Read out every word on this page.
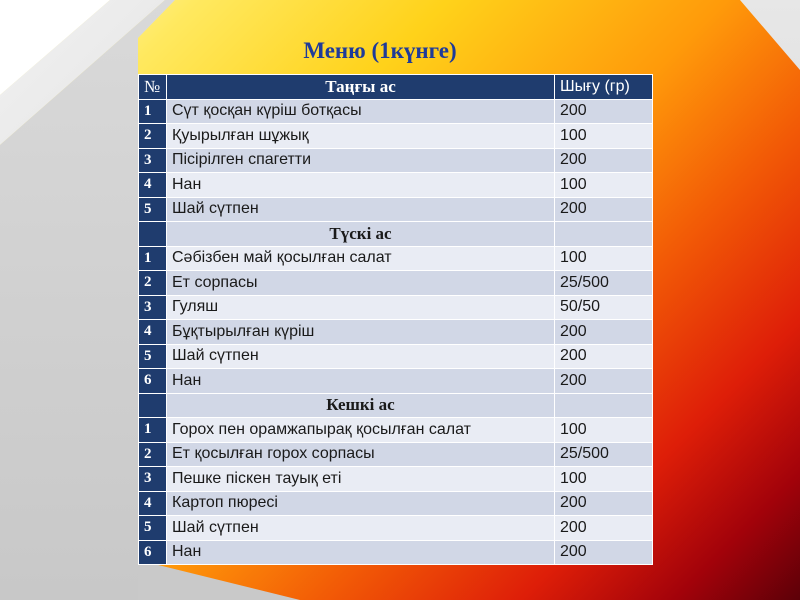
Меню (1күнге)
№	Таңғы ас	Шығу (гр)
1	Сүт қосқан күріш ботқасы	200
2	Қуырылған шұжық	100
3	Пісірілген спагетти	200
4	Нан	100
5	Шай сүтпен	200
	Түскі ас	
1	Сәбізбен май қосылған салат	100
2	Ет сорпасы	25/500
3	Гуляш	50/50
4	Бұқтырылған күріш	200
5	Шай сүтпен	200
6	Нан	200
	Кешкі ас	
1	Горох пен орамжапырақ қосылған салат	100
2	Ет қосылған горох сорпасы	25/500
3	Пешке піскен тауық еті	100
4	Картоп пюресі	200
5	Шай сүтпен	200
6	Нан	200
